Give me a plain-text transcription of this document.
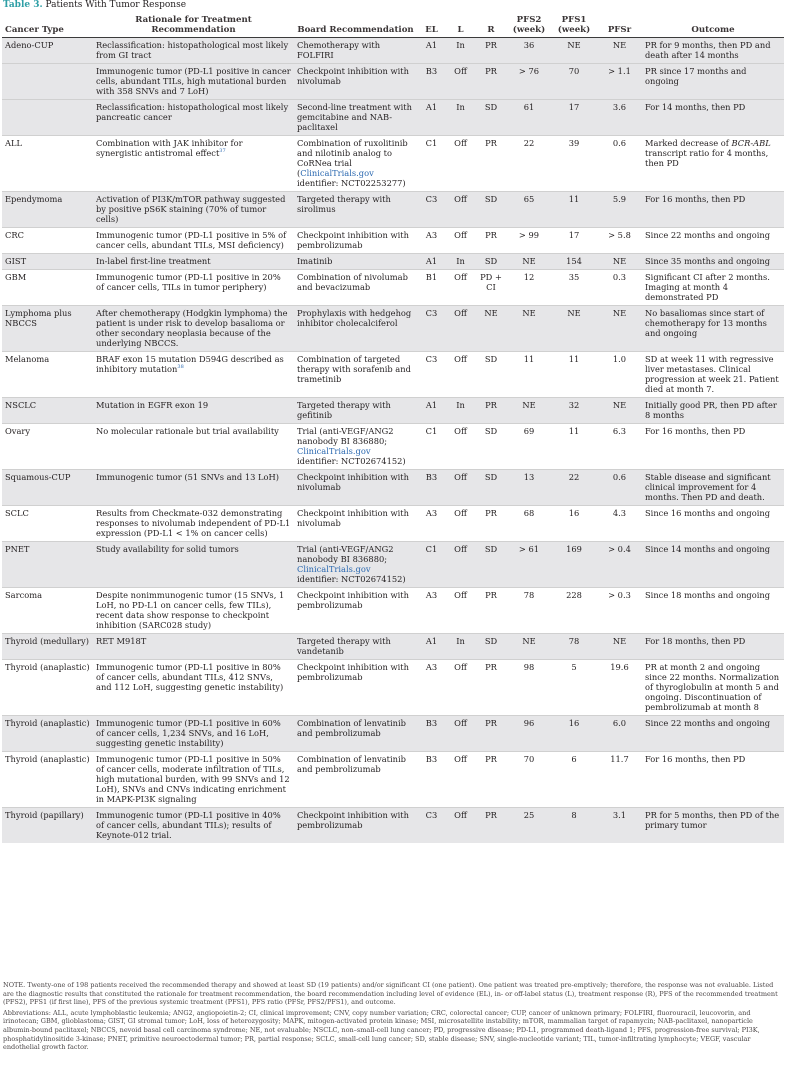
Table 3. Patients With Tumor Response
Cancer Type	Rationale for Treatment Recommendation	Board Recommendation	EL	L	R	PFS2 (week)	PFS1 (week)	PFSr	Outcome
Adeno-CUP	Reclassification: histopathological most likely from GI tract	Chemotherapy with FOLFIRI	A1	In	PR	36	NE	NE	PR for 9 months, then PD and death after 14 months
	Immunogenic tumor (PD-L1 positive in cancer cells, abundant TILs, high mutational burden with 358 SNVs and 7 LoH)	Checkpoint inhibition with nivolumab	B3	Off	PR	> 76	70	> 1.1	PR since 17 months and ongoing
	Reclassification: histopathological most likely pancreatic cancer	Second-line treatment with gemcitabine and NAB-paclitaxel	A1	In	SD	61	17	3.6	For 14 months, then PD
ALL	Combination with JAK inhibitor for synergistic antistromal effect$^{37}$	Combination of ruxolitinib and nilotinib analog to CoRNea trial (ClinicalTrials.gov identifier: NCT02253277)	C1	Off	PR	22	39	0.6	Marked decrease of BCR-ABL transcript ratio for 4 months, then PD
Ependymoma	Activation of PI3K/mTOR pathway suggested by positive pS6K staining (70% of tumor cells)	Targeted therapy with sirolimus	C3	Off	SD	65	11	5.9	For 16 months, then PD
CRC	Immunogenic tumor (PD-L1 positive in 5% of cancer cells, abundant TILs, MSI deficiency)	Checkpoint inhibition with pembrolizumab	A3	Off	PR	> 99	17	> 5.8	Since 22 months and ongoing
GIST	In-label first-line treatment	Imatinib	A1	In	SD	NE	154	NE	Since 35 months and ongoing
GBM	Immunogenic tumor (PD-L1 positive in 20% of cancer cells, TILs in tumor periphery)	Combination of nivolumab and bevacizumab	B1	Off	PD + CI	12	35	0.3	Significant CI after 2 months. Imaging at month 4 demonstrated PD
Lymphoma plus NBCCS	After chemotherapy (Hodgkin lymphoma) the patient is under risk to develop basalioma or other secondary neoplasia because of the underlying NBCCS.	Prophylaxis with hedgehog inhibitor cholecalciferol	C3	Off	NE	NE	NE	NE	No basaliomas since start of chemotherapy for 13 months and ongoing
Melanoma	BRAF exon 15 mutation D594G described as inhibitory mutation$^{38}$	Combination of targeted therapy with sorafenib and trametinib	C3	Off	SD	11	11	1.0	SD at week 11 with regressive liver metastases. Clinical progression at week 21. Patient died at month 7.
NSCLC	Mutation in EGFR exon 19	Targeted therapy with gefitinib	A1	In	PR	NE	32	NE	Initially good PR, then PD after 8 months
Ovary	No molecular rationale but trial availability	Trial (anti-VEGF/ANG2 nanobody BI 836880; ClinicalTrials.gov identifier: NCT02674152)	C1	Off	SD	69	11	6.3	For 16 months, then PD
Squamous-CUP	Immunogenic tumor (51 SNVs and 13 LoH)	Checkpoint inhibition with nivolumab	B3	Off	SD	13	22	0.6	Stable disease and significant clinical improvement for 4 months. Then PD and death.
SCLC	Results from Checkmate-032 demonstrating responses to nivolumab independent of PD-L1 expression (PD-L1 < 1% on cancer cells)	Checkpoint inhibition with nivolumab	A3	Off	PR	68	16	4.3	Since 16 months and ongoing
PNET	Study availability for solid tumors	Trial (anti-VEGF/ANG2 nanobody BI 836880; ClinicalTrials.gov identifier: NCT02674152)	C1	Off	SD	> 61	169	> 0.4	Since 14 months and ongoing
Sarcoma	Despite nonimmunogenic tumor (15 SNVs, 1 LoH, no PD-L1 on cancer cells, few TILs), recent data show response to checkpoint inhibition (SARC028 study)	Checkpoint inhibition with pembrolizumab	A3	Off	PR	78	228	> 0.3	Since 18 months and ongoing
Thyroid (medullary)	RET M918T	Targeted therapy with vandetanib	A1	In	SD	NE	78	NE	For 18 months, then PD
Thyroid (anaplastic)	Immunogenic tumor (PD-L1 positive in 80% of cancer cells, abundant TILs, 412 SNVs, and 112 LoH, suggesting genetic instability)	Checkpoint inhibition with pembrolizumab	A3	Off	PR	98	5	19.6	PR at month 2 and ongoing since 22 months. Normalization of thyroglobulin at month 5 and ongoing. Discontinuation of pembrolizumab at month 8
Thyroid (anaplastic)	Immunogenic tumor (PD-L1 positive in 60% of cancer cells, 1,234 SNVs, and 16 LoH, suggesting genetic instability)	Combination of lenvatinib and pembrolizumab	B3	Off	PR	96	16	6.0	Since 22 months and ongoing
Thyroid (anaplastic)	Immunogenic tumor (PD-L1 positive in 50% of cancer cells, moderate infiltration of TILs, high mutational burden, with 99 SNVs and 12 LoH), SNVs and CNVs indicating enrichment in MAPK-PI3K signaling	Combination of lenvatinib and pembrolizumab	B3	Off	PR	70	6	11.7	For 16 months, then PD
Thyroid (papillary)	Immunogenic tumor (PD-L1 positive in 40% of cancer cells, abundant TILs); results of Keynote-012 trial.	Checkpoint inhibition with pembrolizumab	C3	Off	PR	25	8	3.1	PR for 5 months, then PD of the primary tumor

NOTE. Twenty-one of 198 patients received the recommended therapy and showed at least SD (19 patients) and/or significant CI (one patient). One patient was treated pre-emptively; therefore, the response was not evaluable. Listed are the diagnostic results that constituted the rationale for treatment recommendation, the board recommendation including level of evidence (EL), in- or off-label status (L), treatment response (R), PFS of the recommended treatment (PFS2), PFS1 (if first line), PFS of the previous systemic treatment (PFS1), PFS ratio (PFSr, PFS2/PFS1), and outcome.

Abbreviations: ALL, acute lymphoblastic leukemia; ANG2, angiopoietin-2; CI, clinical improvement; CNV, copy number variation; CRC, colorectal cancer; CUP, cancer of unknown primary; FOLFIRI, fluorouracil, leucovorin, and irinotecan; GBM, glioblastoma; GIST, GI stromal tumor; LoH, loss of heterozygosity; MAPK, mitogen-activated protein kinase; MSI, microsatellite instability; mTOR, mammalian target of rapamycin; NAB-paclitaxel, nanoparticle albumin-bound paclitaxel; NBCCS, nevoid basal cell carcinoma syndrome; NE, not evaluable; NSCLC, non–small-cell lung cancer; PD, progressive disease; PD-L1, programmed death-ligand 1; PFS, progression-free survival; PI3K, phosphatidylinositide 3-kinase; PNET, primitive neuroectodermal tumor; PR, partial response; SCLC, small-cell lung cancer; SD, stable disease; SNV, single-nucleotide variant; TIL, tumor-infiltrating lymphocyte; VEGF, vascular endothelial growth factor.
